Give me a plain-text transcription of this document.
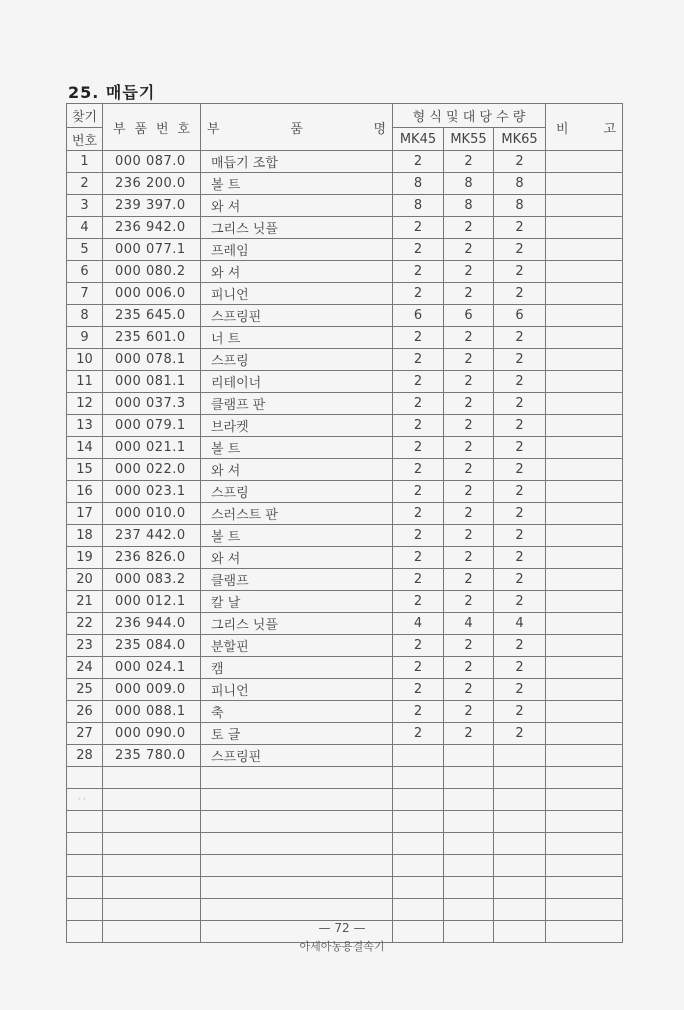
25. 매듭기
찾기	부 품 번 호	부 품 명	형 식 및 대 당 수 량			비 고

번호			MK45	MK55	MK65	
1	000 087.0	매듭기 조합	2	2	2	
2	236 200.0	볼 트	8	8	8	
3	239 397.0	와 셔	8	8	8	
4	236 942.0	그리스 닛플	2	2	2	
5	000 077.1	프레임	2	2	2	
6	000 080.2	와 셔	2	2	2	
7	000 006.0	피니언	2	2	2	
8	235 645.0	스프링핀	6	6	6	
9	235 601.0	너 트	2	2	2	
10	000 078.1	스프링	2	2	2	
11	000 081.1	리테이너	2	2	2	
12	000 037.3	클램프 판	2	2	2	
13	000 079.1	브라켓	2	2	2	
14	000 021.1	볼 트	2	2	2	
15	000 022.0	와 셔	2	2	2	
16	000 023.1	스프링	2	2	2	
17	000 010.0	스러스트 판	2	2	2	
18	237 442.0	볼 트	2	2	2	
19	236 826.0	와 셔	2	2	2	
20	000 083.2	클램프	2	2	2	
21	000 012.1	칼 날	2	2	2	
22	236 944.0	그리스 닛플	4	4	4	
23	235 084.0	분할핀	2	2	2	
24	000 024.1	캠	2	2	2	
25	000 009.0	피니언	2	2	2	
26	000 088.1	축	2	2	2	
27	000 090.0	토 글	2	2	2	
28	235 780.0	스프링핀				

· ·
— 72 —
아세아농용결속기
